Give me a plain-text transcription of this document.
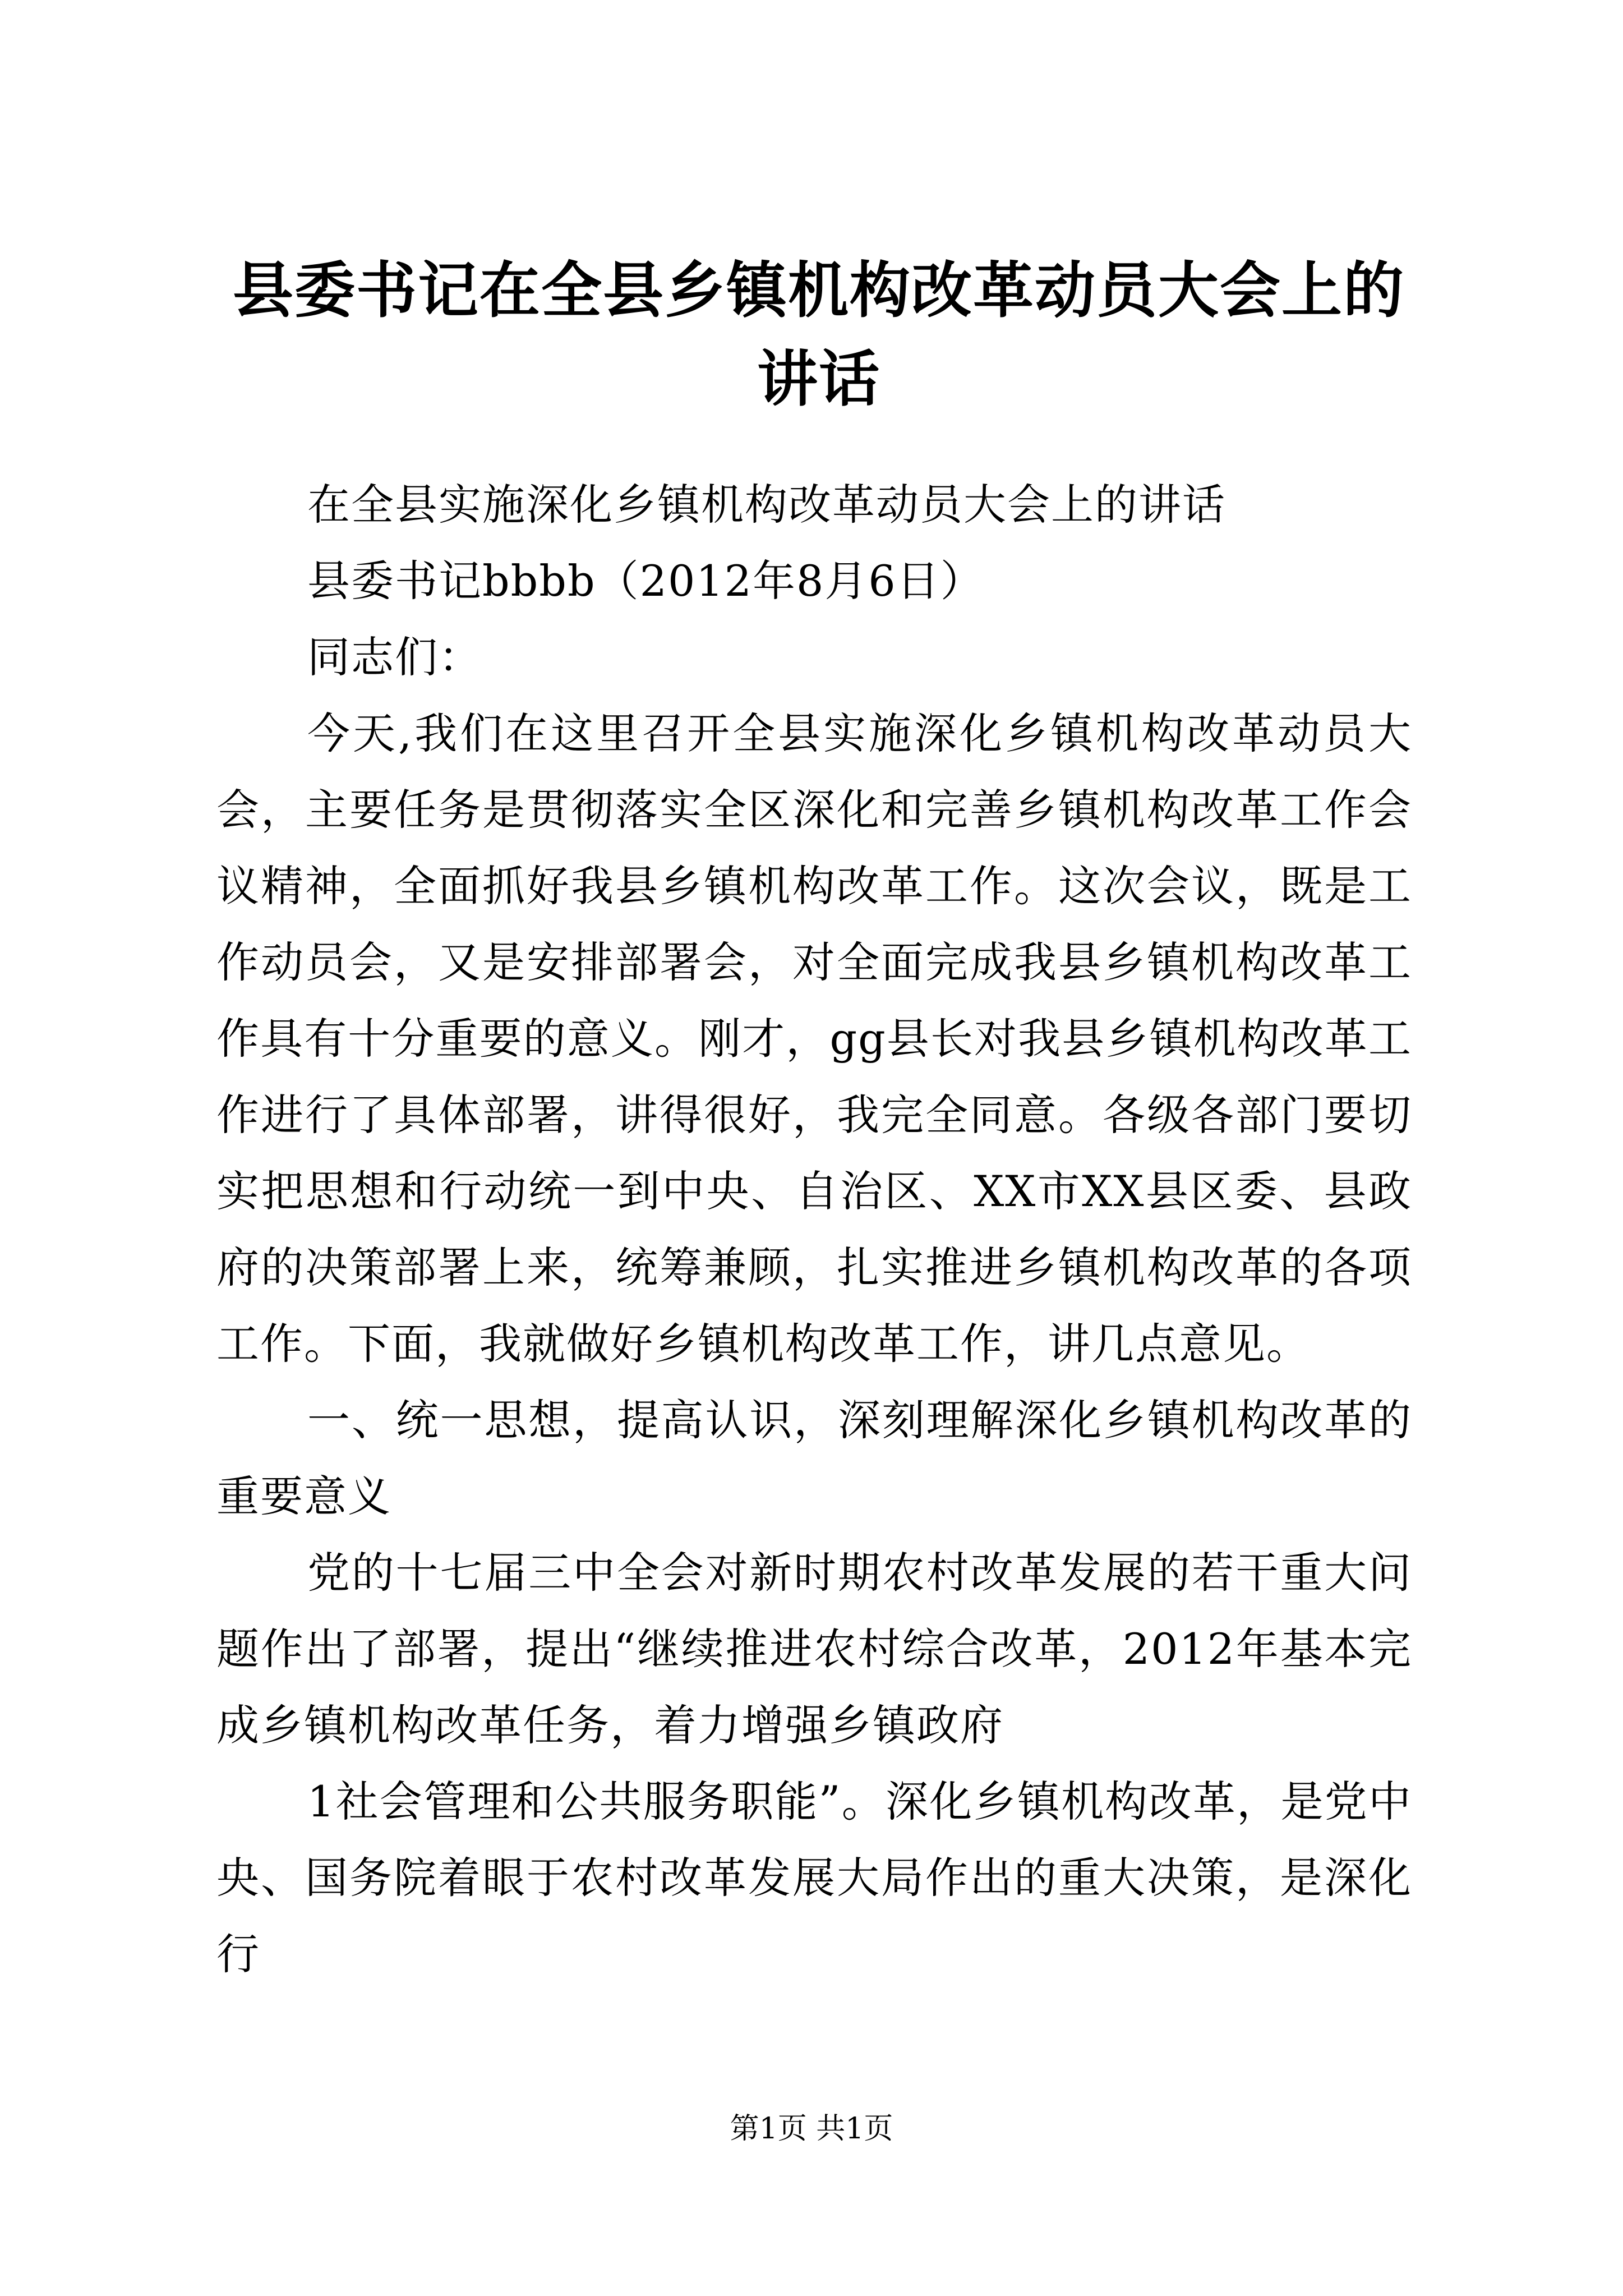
县委书记在全县乡镇机构改革动员大会上的讲话

在全县实施深化乡镇机构改革动员大会上的讲话

县委书记bbbb（2012年8月6日）

同志们：

今天,我们在这里召开全县实施深化乡镇机构改革动员大会，主要任务是贯彻落实全区深化和完善乡镇机构改革工作会议精神，全面抓好我县乡镇机构改革工作。这次会议，既是工作动员会，又是安排部署会，对全面完成我县乡镇机构改革工作具有十分重要的意义。刚才，gg县长对我县乡镇机构改革工作进行了具体部署，讲得很好，我完全同意。各级各部门要切实把思想和行动统一到中央、自治区、XX市XX县区委、县政府的决策部署上来，统筹兼顾，扎实推进乡镇机构改革的各项工作。下面，我就做好乡镇机构改革工作，讲几点意见。

一、统一思想，提高认识，深刻理解深化乡镇机构改革的重要意义

党的十七届三中全会对新时期农村改革发展的若干重大问题作出了部署，提出“继续推进农村综合改革，2012年基本完成乡镇机构改革任务，着力增强乡镇政府

1社会管理和公共服务职能”。深化乡镇机构改革，是党中央、国务院着眼于农村改革发展大局作出的重大决策，是深化行

第1页 共1页
